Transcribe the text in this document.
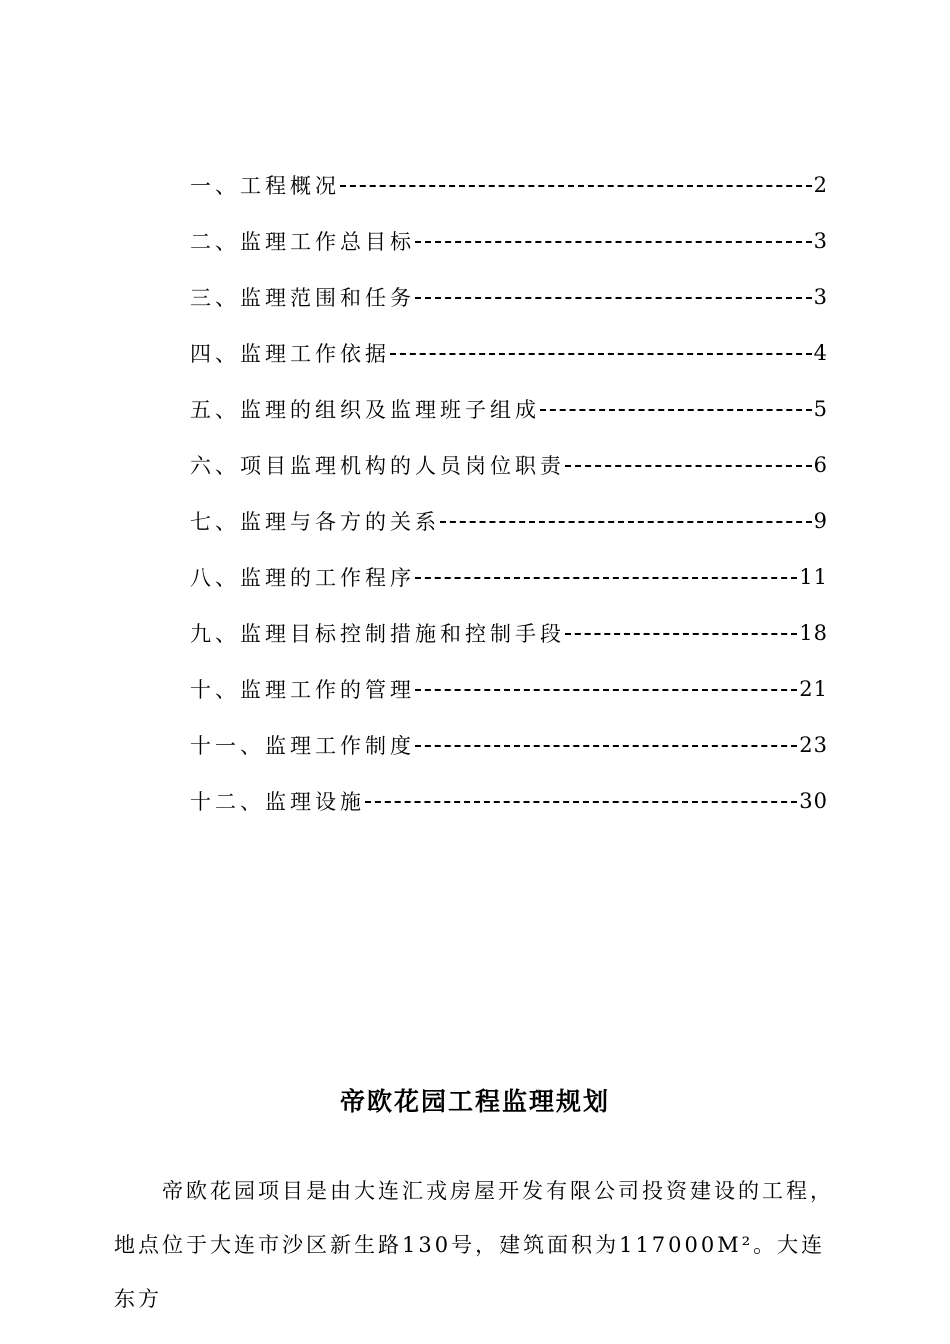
一、工程概况	2
二、监理工作总目标	3
三、监理范围和任务	3
四、监理工作依据	4
五、监理的组织及监理班子组成	5
六、项目监理机构的人员岗位职责	6
七、监理与各方的关系	9
八、监理的工作程序	11
九、监理目标控制措施和控制手段	18
十、监理工作的管理	21
十一、监理工作制度	23
十二、监理设施	30
帝欧花园工程监理规划
帝欧花园项目是由大连汇戎房屋开发有限公司投资建设的工程，地点位于大连市沙区新生路130号，建筑面积为117000M²。大连东方
